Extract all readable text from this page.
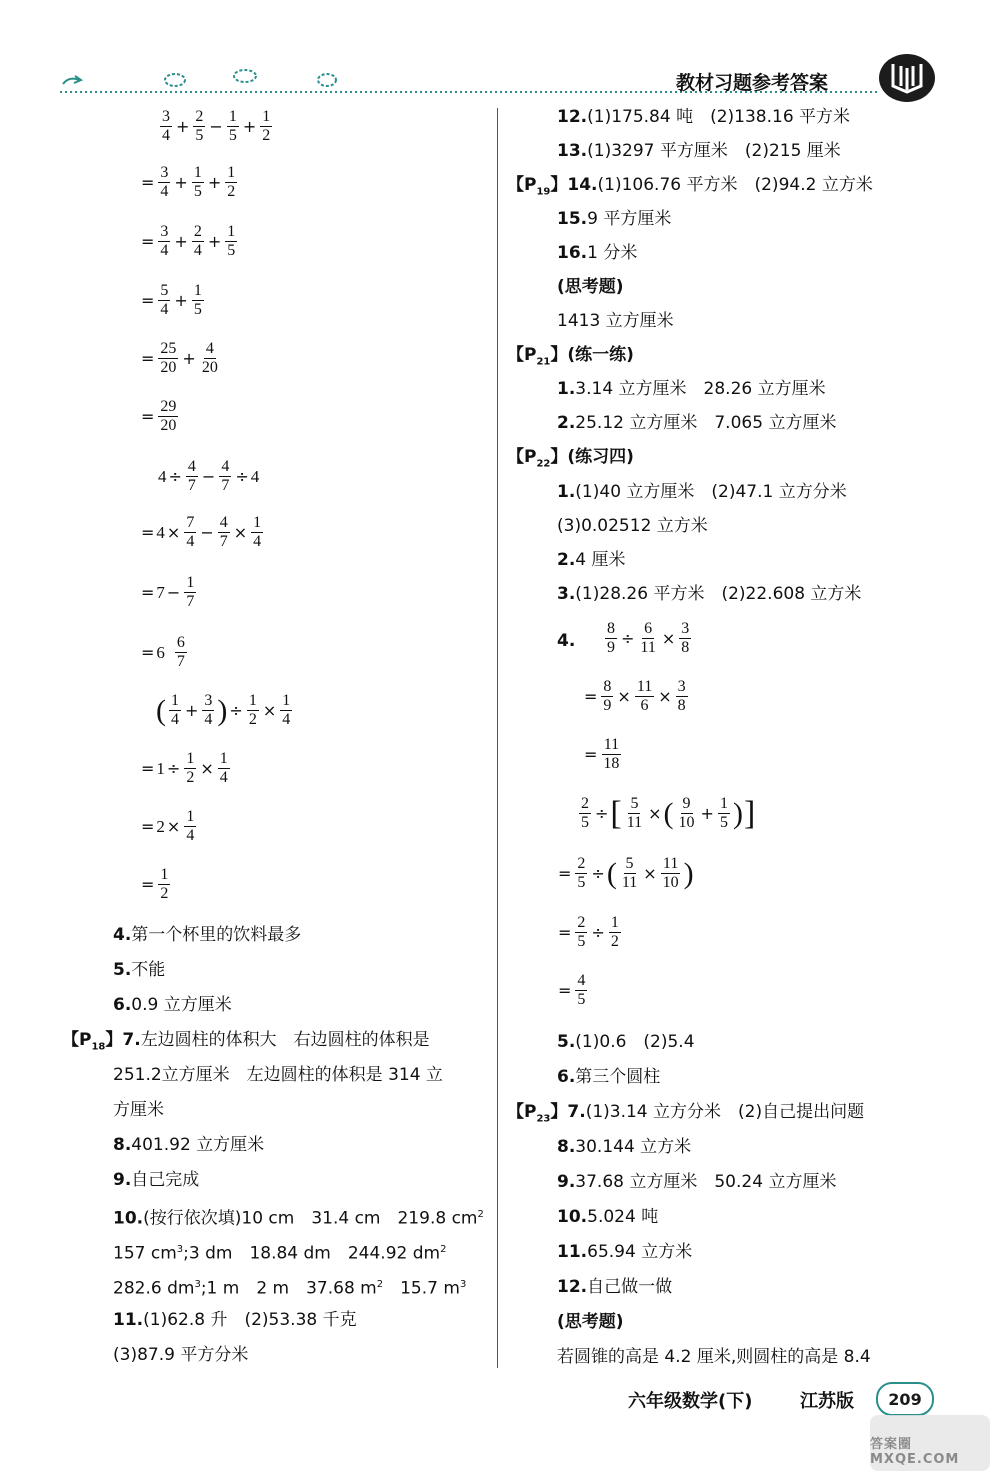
教材习题参考答案
$\frac{3}{4} + \frac{2}{5} - \frac{1}{5} + \frac{1}{2}$
= $\frac{3}{4} + \frac{1}{5} + \frac{1}{2}$
= $\frac{3}{4} + \frac{2}{4} + \frac{1}{5}$
= $\frac{5}{4} + \frac{1}{5}$
= $\frac{25}{20} + \frac{4}{20}$
= $\frac{29}{20}$
$4 \div \frac{4}{7} - \frac{4}{7} \div 4$
= $4 \times \frac{7}{4} - \frac{4}{7} \times \frac{1}{4}$
= $7 - \frac{1}{7}$
= $6 \frac{6}{7}$
( $\frac{1}{4} + \frac{3}{4}$ ) ÷ $\frac{1}{2} \times \frac{1}{4}$
= $1 \div \frac{1}{2} \times \frac{1}{4}$
= $2 \times \frac{1}{4}$
= $\frac{1}{2}$
4.第一个杯里的饮料最多
5.不能
6.0.9 立方厘米
【$P_{18}$】7.左边圆柱的体积大　右边圆柱的体积是
251.2立方厘米　左边圆柱的体积是 314 立
方厘米
8.401.92 立方厘米
9.自己完成
10.(按行依次填)10 cm　31.4 cm　219.8 $cm^2$
157 $cm^3;3$ dm　18.84 dm　244.92 $dm^2$
282.6 $dm^3;1$ m　2 m　37.68 $m^2$　15.7 $m^3$
11.(1)62.8 升　(2)53.38 千克
(3)87.9 平方分米
12.(1)175.84 吨　(2)138.16 平方米
13.(1)3297 平方厘米　(2)215 厘米
【$P_{19}$】14.(1)106.76 平方米　(2)94.2 立方米
15.9 平方厘米
16.1 分米
(思考题)
1413 立方厘米
【$P_{21}$】(练一练)
1.3.14 立方厘米　28.26 立方厘米
2.25.12 立方厘米　7.065 立方厘米
【$P_{22}$】(练习四)
1.(1)40 立方厘米　(2)47.1 立方分米
(3)0.02512 立方米
2.4 厘米
3.(1)28.26 平方米　(2)22.608 立方米
4. $\frac{8}{9} \div \frac{6}{11} \times \frac{3}{8}$
= $\frac{8}{9} \times \frac{11}{6} \times \frac{3}{8}$
= $\frac{11}{18}$
$\frac{2}{5}$ ÷ [ $\frac{5}{11}$ × ( $\frac{9}{10} + \frac{1}{5}$ ) ]
= $\frac{2}{5}$ ÷ ( $\frac{5}{11} \times \frac{11}{10}$ )
= $\frac{2}{5} \div \frac{1}{2}$
= $\frac{4}{5}$
5.(1)0.6　(2)5.4
6.第三个圆柱
【$P_{23}$】7.(1)3.14 立方分米　(2)自己提出问题
8.30.144 立方米
9.37.68 立方厘米　50.24 立方厘米
10.5.024 吨
11.65.94 立方米
12.自己做一做
(思考题)
若圆锥的高是 4.2 厘米,则圆柱的高是 8.4
六年级数学(下)	江苏版 209
答案圈 MXQE.COM
